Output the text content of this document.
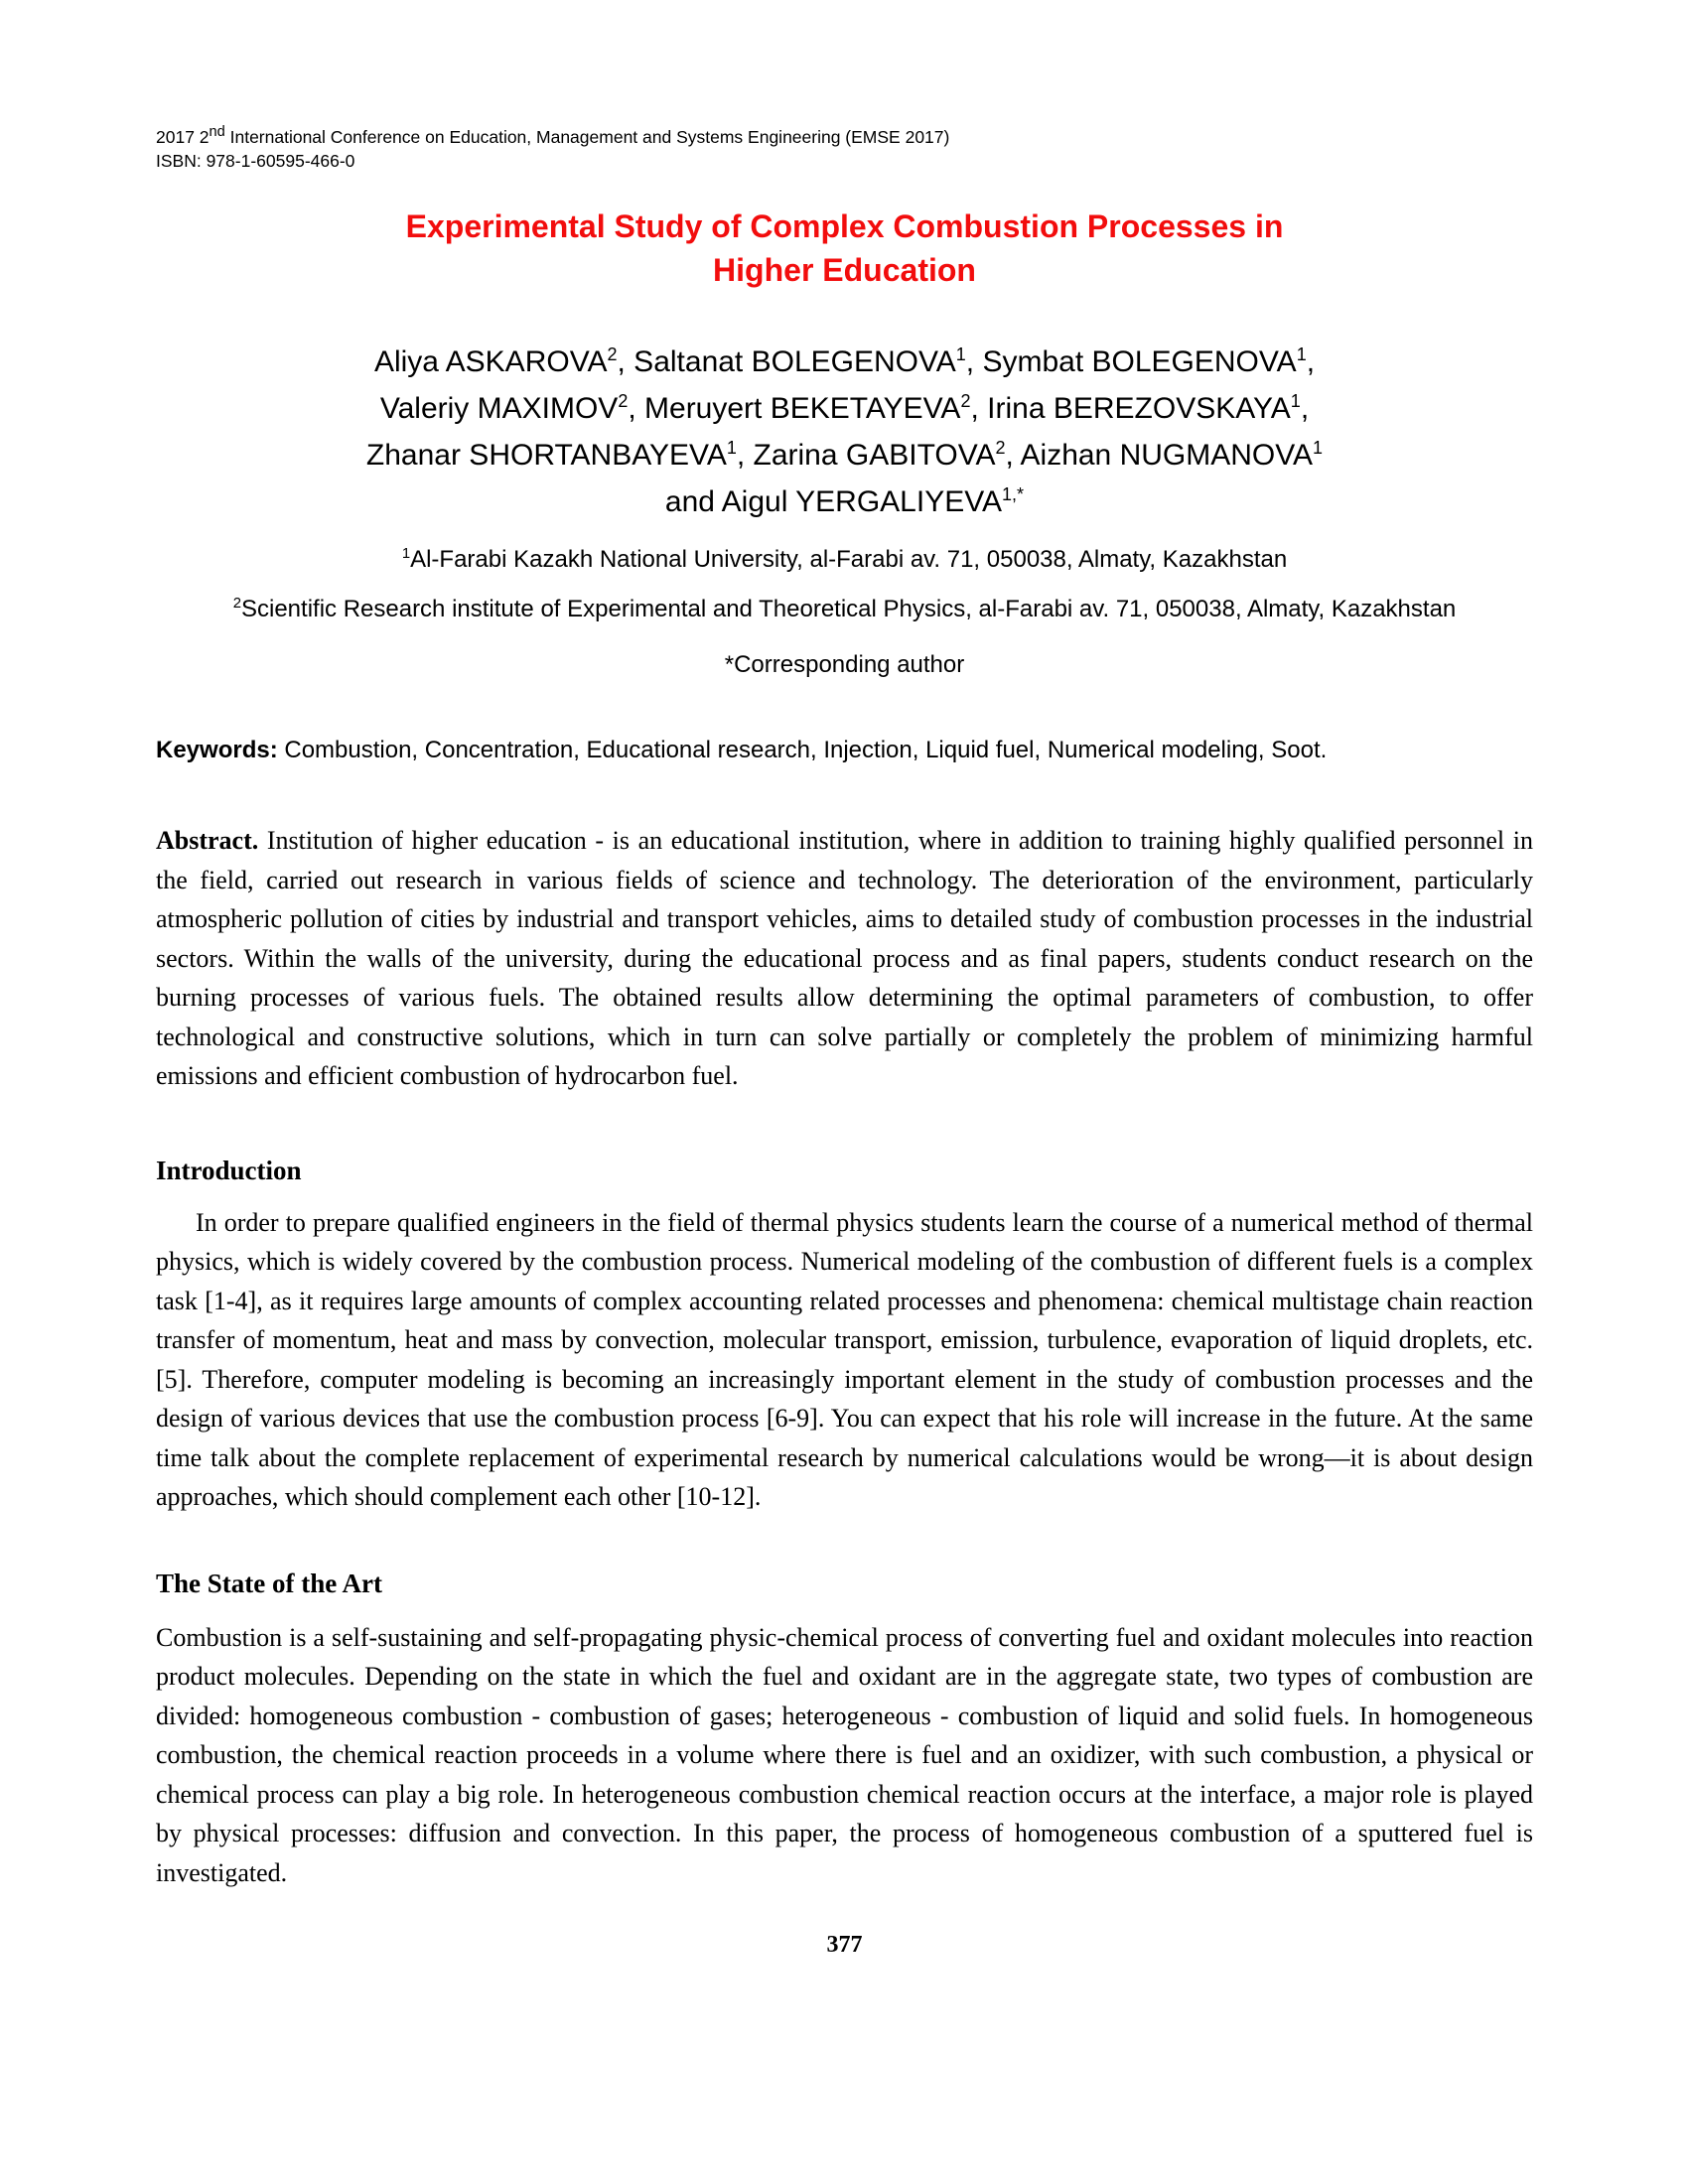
2017 2nd International Conference on Education, Management and Systems Engineering (EMSE 2017)
ISBN: 978-1-60595-466-0
Experimental Study of Complex Combustion Processes in
Higher Education
Aliya ASKAROVA$^2$, Saltanat BOLEGENOVA$^1$, Symbat BOLEGENOVA$^1$,
Valeriy MAXIMOV$^2$, Meruyert BEKETAYEVA$^2$, Irina BEREZOVSKAYA$^1$,
Zhanar SHORTANBAYEVA$^1$, Zarina GABITOVA$^2$, Aizhan NUGMANOVA$^1$
and Aigul $YERGALIYEVA^{1,*}$
$^1$Al-Farabi Kazakh National University, al-Farabi av. 71, 050038, Almaty, Kazakhstan
$^2$Scientific Research institute of Experimental and Theoretical Physics, al-Farabi av. 71, 050038, Almaty, Kazakhstan
*Corresponding author

Keywords: Combustion, Concentration, Educational research, Injection, Liquid fuel, Numerical modeling, Soot.

Abstract. Institution of higher education - is an educational institution, where in addition to training highly qualified personnel in the field, carried out research in various fields of science and technology. The deterioration of the environment, particularly atmospheric pollution of cities by industrial and transport vehicles, aims to detailed study of combustion processes in the industrial sectors. Within the walls of the university, during the educational process and as final papers, students conduct research on the burning processes of various fuels. The obtained results allow determining the optimal parameters of combustion, to offer technological and constructive solutions, which in turn can solve partially or completely the problem of minimizing harmful emissions and efficient combustion of hydrocarbon fuel.

Introduction

In order to prepare qualified engineers in the field of thermal physics students learn the course of a numerical method of thermal physics, which is widely covered by the combustion process. Numerical modeling of the combustion of different fuels is a complex task [1-4], as it requires large amounts of complex accounting related processes and phenomena: chemical multistage chain reaction transfer of momentum, heat and mass by convection, molecular transport, emission, turbulence, evaporation of liquid droplets, etc. [5]. Therefore, computer modeling is becoming an increasingly important element in the study of combustion processes and the design of various devices that use the combustion process [6-9]. You can expect that his role will increase in the future. At the same time talk about the complete replacement of experimental research by numerical calculations would be wrong—it is about design approaches, which should complement each other [10-12].

The State of the Art

Combustion is a self-sustaining and self-propagating physic-chemical process of converting fuel and oxidant molecules into reaction product molecules. Depending on the state in which the fuel and oxidant are in the aggregate state, two types of combustion are divided: homogeneous combustion - combustion of gases; heterogeneous - combustion of liquid and solid fuels. In homogeneous combustion, the chemical reaction proceeds in a volume where there is fuel and an oxidizer, with such combustion, a physical or chemical process can play a big role. In heterogeneous combustion chemical reaction occurs at the interface, a major role is played by physical processes: diffusion and convection. In this paper, the process of homogeneous combustion of a sputtered fuel is investigated.

377
